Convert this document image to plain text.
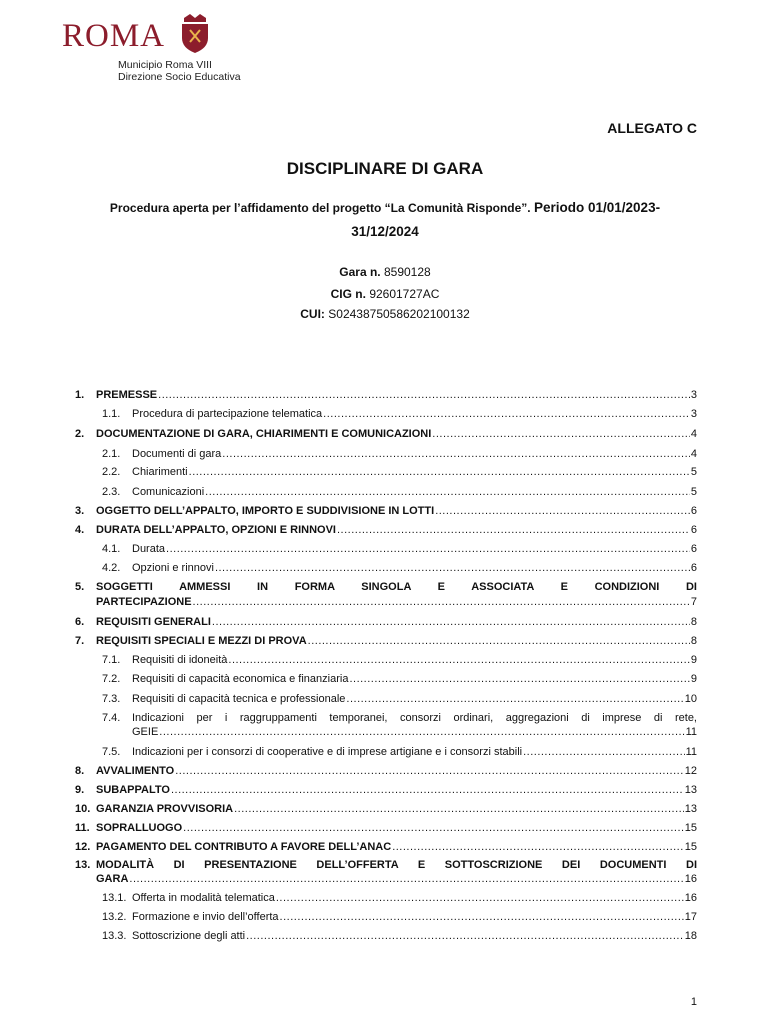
ROMA
Municipio Roma VIII
Direzione Socio Educativa
ALLEGATO C
DISCIPLINARE DI GARA
Procedura aperta per l’affidamento del progetto “La Comunità Risponde”. Periodo 01/01/2023-
31/12/2024
Gara n. 8590128
CIG n. 92601727AC
CUI: S02438750586202100132
1.	PREMESSE .....	3
1.1.	Procedura di partecipazione telematica .....	3
2.	DOCUMENTAZIONE DI GARA, CHIARIMENTI E COMUNICAZIONI .....	4
2.1.	Documenti di gara .....	4
2.2.	Chiarimenti .....	5
2.3.	Comunicazioni .....	5
3.	OGGETTO DELL’APPALTO, IMPORTO E SUDDIVISIONE IN LOTTI .....	6
4.	DURATA DELL’APPALTO, OPZIONI E RINNOVI .....	6
4.1.	Durata .....	6
4.2.	Opzioni e rinnovi .....	6
5. SOGGETTI AMMESSI IN FORMA SINGOLA E ASSOCIATA E CONDIZIONI DI
PARTECIPAZIONE .....	7
6.	REQUISITI GENERALI .....	8
7.	REQUISITI SPECIALI E MEZZI DI PROVA .....	8
7.1.	Requisiti di idoneità .....	9
7.2.	Requisiti di capacità economica e finanziaria .....	9
7.3.	Requisiti di capacità tecnica e professionale .....	10
7.4. Indicazioni per i raggruppamenti temporanei, consorzi ordinari, aggregazioni di imprese di rete,
GEIE .....	11
7.5.	Indicazioni per i consorzi di cooperative e di imprese artigiane e i consorzi stabili .....	11
8.	AVVALIMENTO .....	12
9.	SUBAPPALTO .....	13
10. GARANZIA PROVVISORIA .....	13
11. SOPRALLUOGO .....	15
12. PAGAMENTO DEL CONTRIBUTO A FAVORE DELL’ANAC .....	15
13. MODALITÀ DI PRESENTAZIONE DELL’OFFERTA E SOTTOSCRIZIONE DEI DOCUMENTI DI
GARA .....	16
13.1. Offerta in modalità telematica .....	16
13.2. Formazione e invio dell’offerta .....	17
13.3. Sottoscrizione degli atti .....	18
1
